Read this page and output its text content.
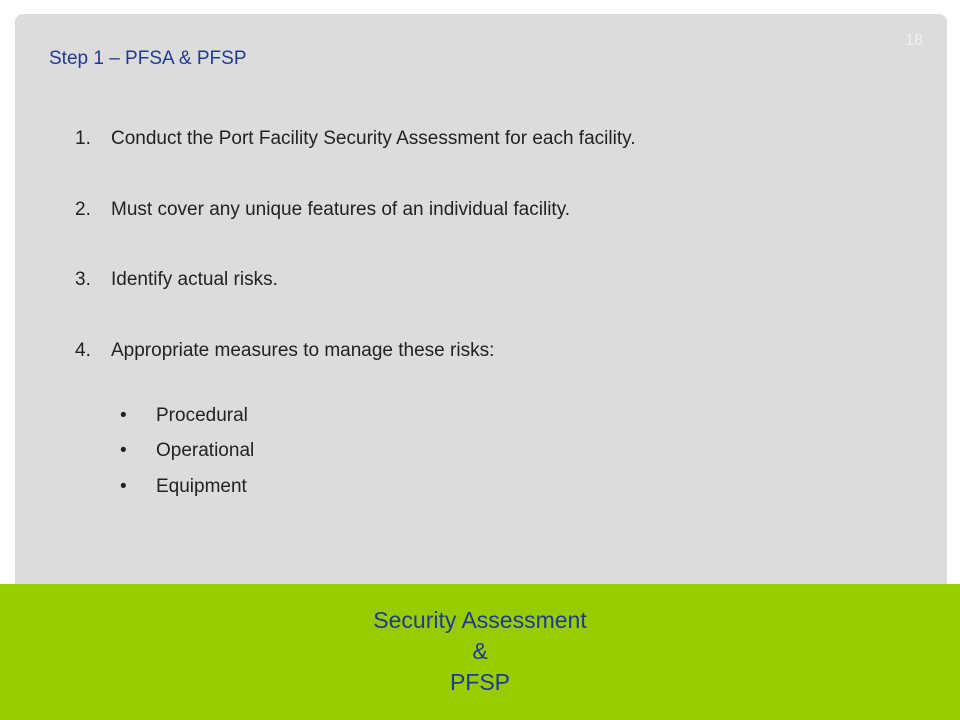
18
Step 1 – PFSA & PFSP
1. Conduct the Port Facility Security Assessment for each facility.
2. Must cover any unique features of an individual facility.
3. Identify actual risks.
4. Appropriate measures to manage these risks:
• Procedural
• Operational
• Equipment
Security Assessment
&
PFSP
